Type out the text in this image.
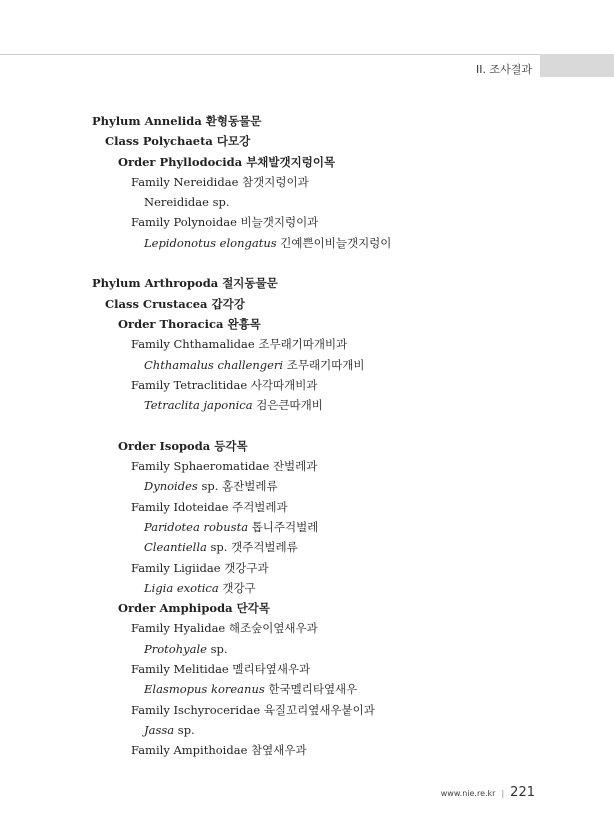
II. 조사결과
Phylum Annelida 환형동물문
Class Polychaeta 다모강
Order Phyllodocida 부채발갯지렁이목
Family Nereididae 참갯지렁이과
Nereididae sp.
Family Polynoidae 비늘갯지렁이과
Lepidonotus elongatus 긴예쁜이비늘갯지렁이
Phylum Arthropoda 절지동물문
Class Crustacea 갑각강
Order Thoracica 완흉목
Family Chthamalidae 조무래기따개비과
Chthamalus challengeri 조무래기따개비
Family Tetraclitidae 사각따개비과
Tetraclita japonica 검은큰따개비
Order Isopoda 등각목
Family Sphaeromatidae 잔벌레과
Dynoides sp. 홈잔벌레류
Family Idoteidae 주걱벌레과
Paridotea robusta 톱니주걱벌레
Cleantiella sp. 갯주걱벌레류
Family Ligiidae 갯강구과
Ligia exotica 갯강구
Order Amphipoda 단각목
Family Hyalidae 해조숲이옆새우과
Protohyale sp.
Family Melitidae 멜리타옆새우과
Elasmopus koreanus 한국멜리타옆새우
Family Ischyroceridae 육질꼬리옆새우붙이과
Jassa sp.
Family Ampithoidae 참옆새우과
www.nie.re.kr | 221
